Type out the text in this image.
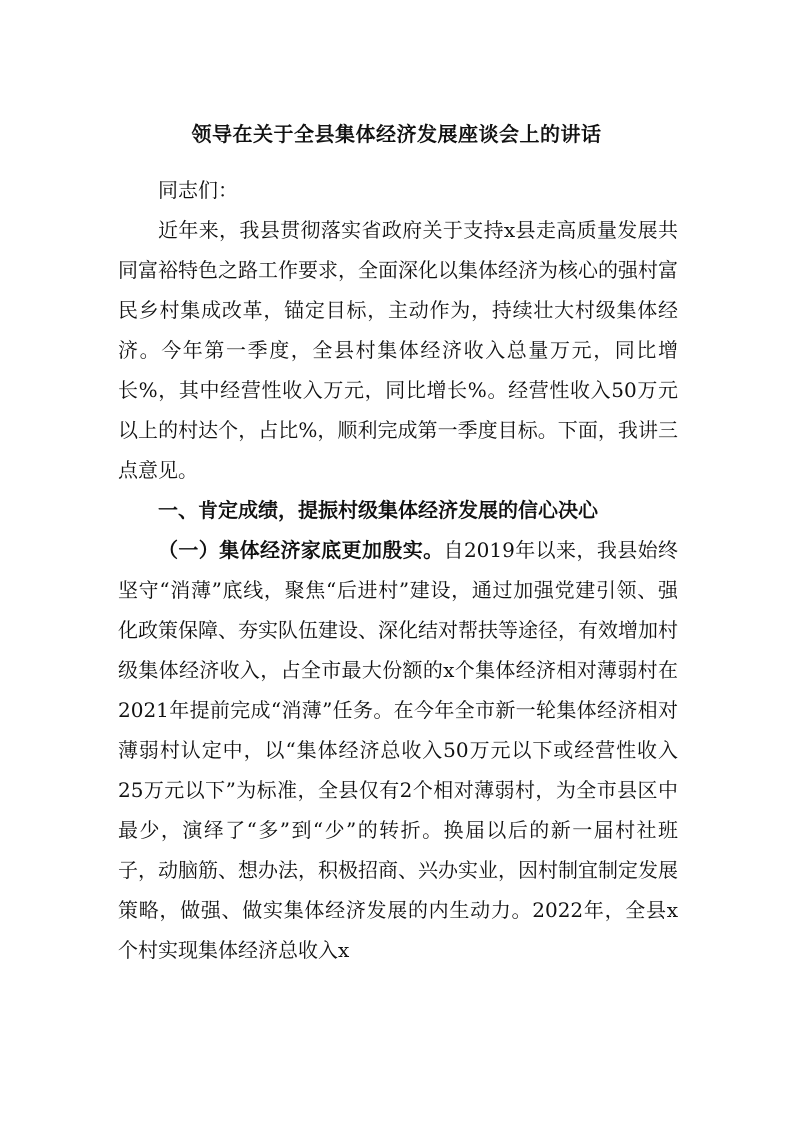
领导在关于全县集体经济发展座谈会上的讲话

同志们：

近年来，我县贯彻落实省政府关于支持x县走高质量发展共同富裕特色之路工作要求，全面深化以集体经济为核心的强村富民乡村集成改革，锚定目标，主动作为，持续壮大村级集体经济。今年第一季度，全县村集体经济收入总量万元，同比增长%，其中经营性收入万元，同比增长%。经营性收入50万元以上的村达个，占比%，顺利完成第一季度目标。下面，我讲三点意见。

一、肯定成绩，提振村级集体经济发展的信心决心

（一）集体经济家底更加殷实。自2019年以来，我县始终坚守“消薄”底线，聚焦“后进村”建设，通过加强党建引领、强化政策保障、夯实队伍建设、深化结对帮扶等途径，有效增加村级集体经济收入，占全市最大份额的x个集体经济相对薄弱村在2021年提前完成“消薄”任务。在今年全市新一轮集体经济相对薄弱村认定中，以“集体经济总收入50万元以下或经营性收入25万元以下”为标准，全县仅有2个相对薄弱村，为全市县区中最少，演绎了“多”到“少”的转折。换届以后的新一届村社班子，动脑筋、想办法，积极招商、兴办实业，因村制宜制定发展策略，做强、做实集体经济发展的内生动力。2022年，全县x个村实现集体经济总收入x
